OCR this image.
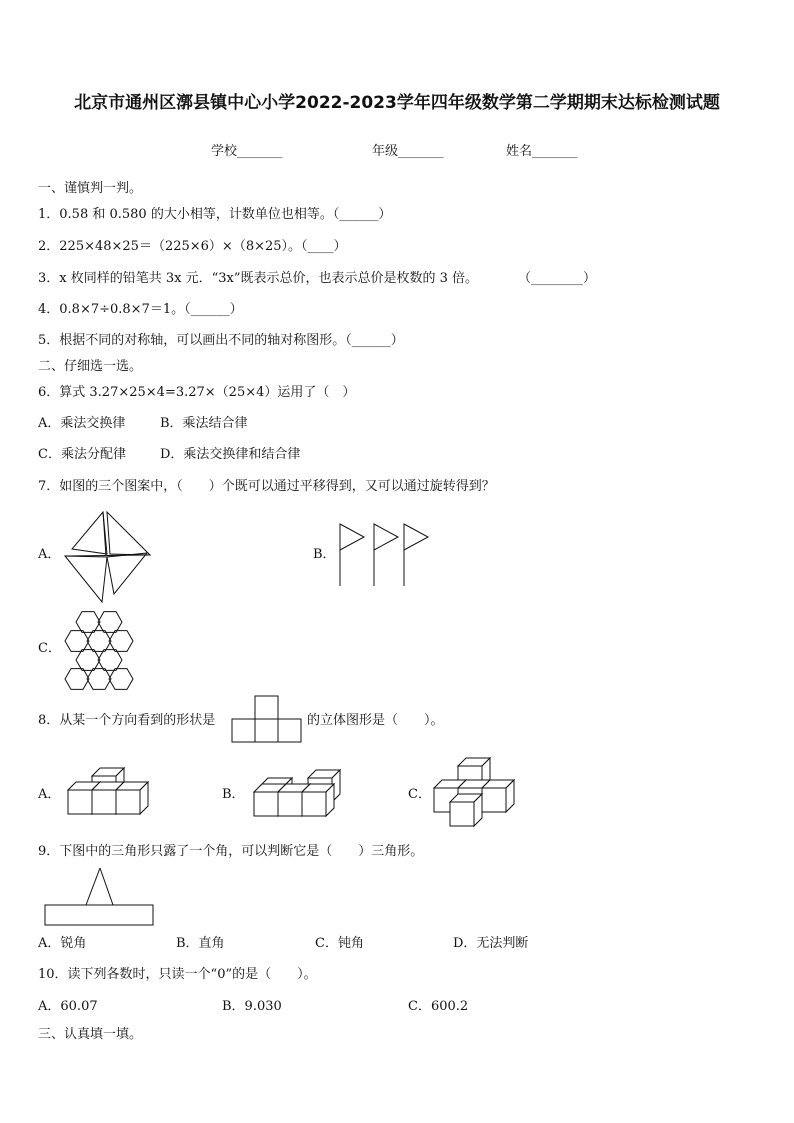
北京市通州区漷县镇中心小学2022-2023学年四年级数学第二学期期末达标检测试题
学校_______	年级_______	姓名_______
一、谨慎判一判。
1．0.58 和 0.580 的大小相等，计数单位也相等。（______）
2．225×48×25＝（225×6）×（8×25）。（____）
3．x 枚同样的铅笔共 3x 元．“3x”既表示总价，也表示总价是枚数的 3 倍。	（________）
4．0.8×7÷0.8×7＝1。（______）
5．根据不同的对称轴，可以画出不同的轴对称图形。（______）
二、仔细选一选。
6．算式 3.27×25×4=3.27×（25×4）运用了（　）
A．乘法交换律	B．乘法结合律
C．乘法分配律	D．乘法交换律和结合律
7．如图的三个图案中，（　　）个既可以通过平移得到，又可以通过旋转得到？
A．	B．
C．
8．从某一个方向看到的形状是	的立体图形是（　　）。
A．	B．	C．
9．下图中的三角形只露了一个角，可以判断它是（　　）三角形。
A．锐角	B．直角	C．钝角	D．无法判断
10．读下列各数时，只读一个“0”的是（　　）。
A．60.07	B．9.030	C．600.2
三、认真填一填。
